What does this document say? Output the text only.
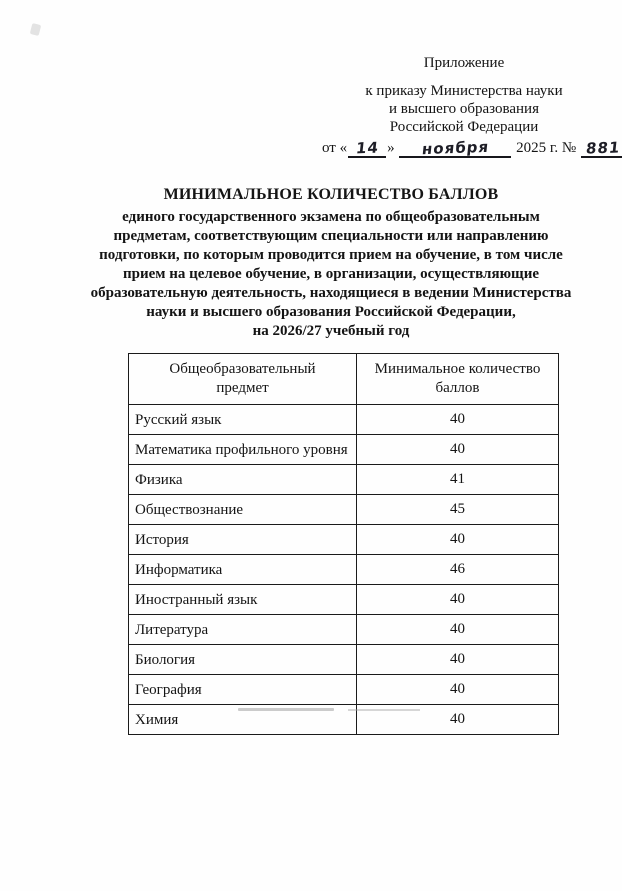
Приложение
к приказу Министерства науки
и высшего образования
Российской Федерации
от « 14 » ноября 2025 г. № 881
МИНИМАЛЬНОЕ КОЛИЧЕСТВО БАЛЛОВ
единого государственного экзамена по общеобразовательным
предметам, соответствующим специальности или направлению
подготовки, по которым проводится прием на обучение, в том числе
прием на целевое обучение, в организации, осуществляющие
образовательную деятельность, находящиеся в ведении Министерства
науки и высшего образования Российской Федерации,
на 2026/27 учебный год
Общеобразовательный предмет	Минимальное количество баллов
Русский язык	40
Математика профильного уровня	40
Физика	41
Обществознание	45
История	40
Информатика	46
Иностранный язык	40
Литература	40
Биология	40
География	40
Химия	40
